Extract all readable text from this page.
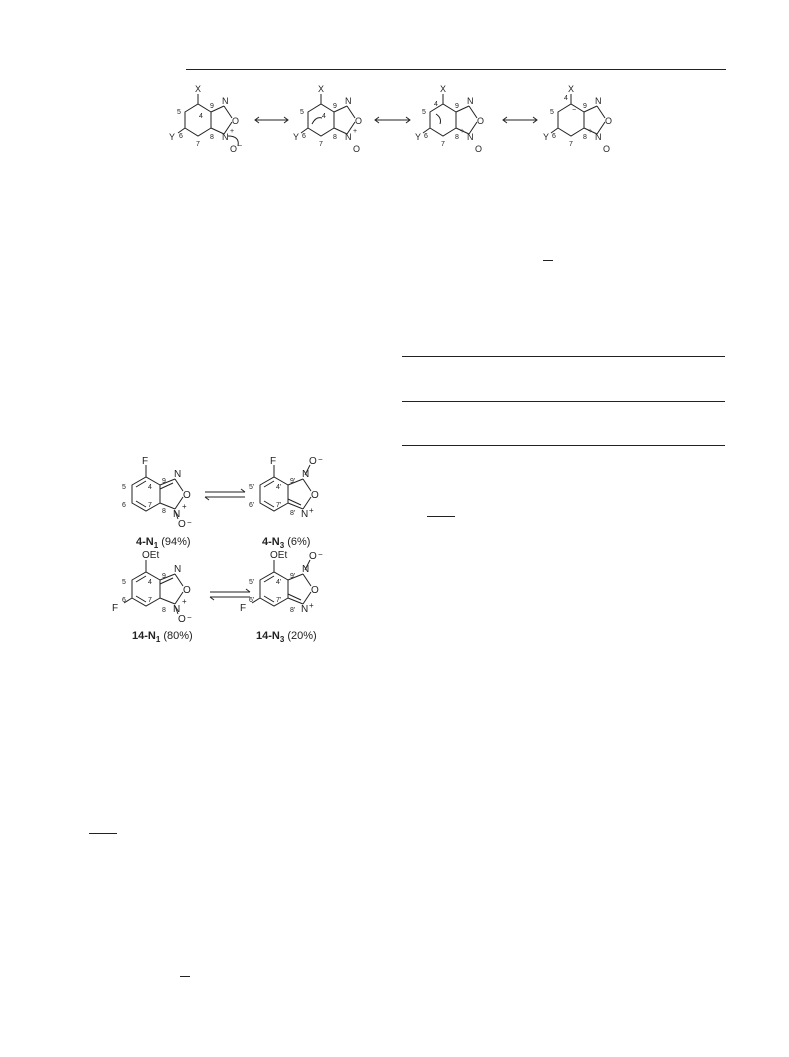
X
Y
4
5
6
7
8
9
N
O
N
O
+
−
X
Y
4
5
6
7
8
9
N
O
N
O
+
X
Y
4
5
6
7
8
9
N
O
N
O
+
X
Y
4
5
6
7
8
9
N
O
N
O
+
−
F
4
5
6	7
8
9
N
O
N
O
+
−
F
4'
5'
6'	7'
8'
9'
N
O
N
O
+
−
$4-N_1$ (94%)	$4-N_3$ (6%)
OEt
F
4
5
6	7
8
9
N
O
N
O
+
−
OEt
F
4'
5'
6'	7'
8'
9'
N
O
N
O
+
−
$14-N_1$ (80%)	$14-N_3$ (20%)
